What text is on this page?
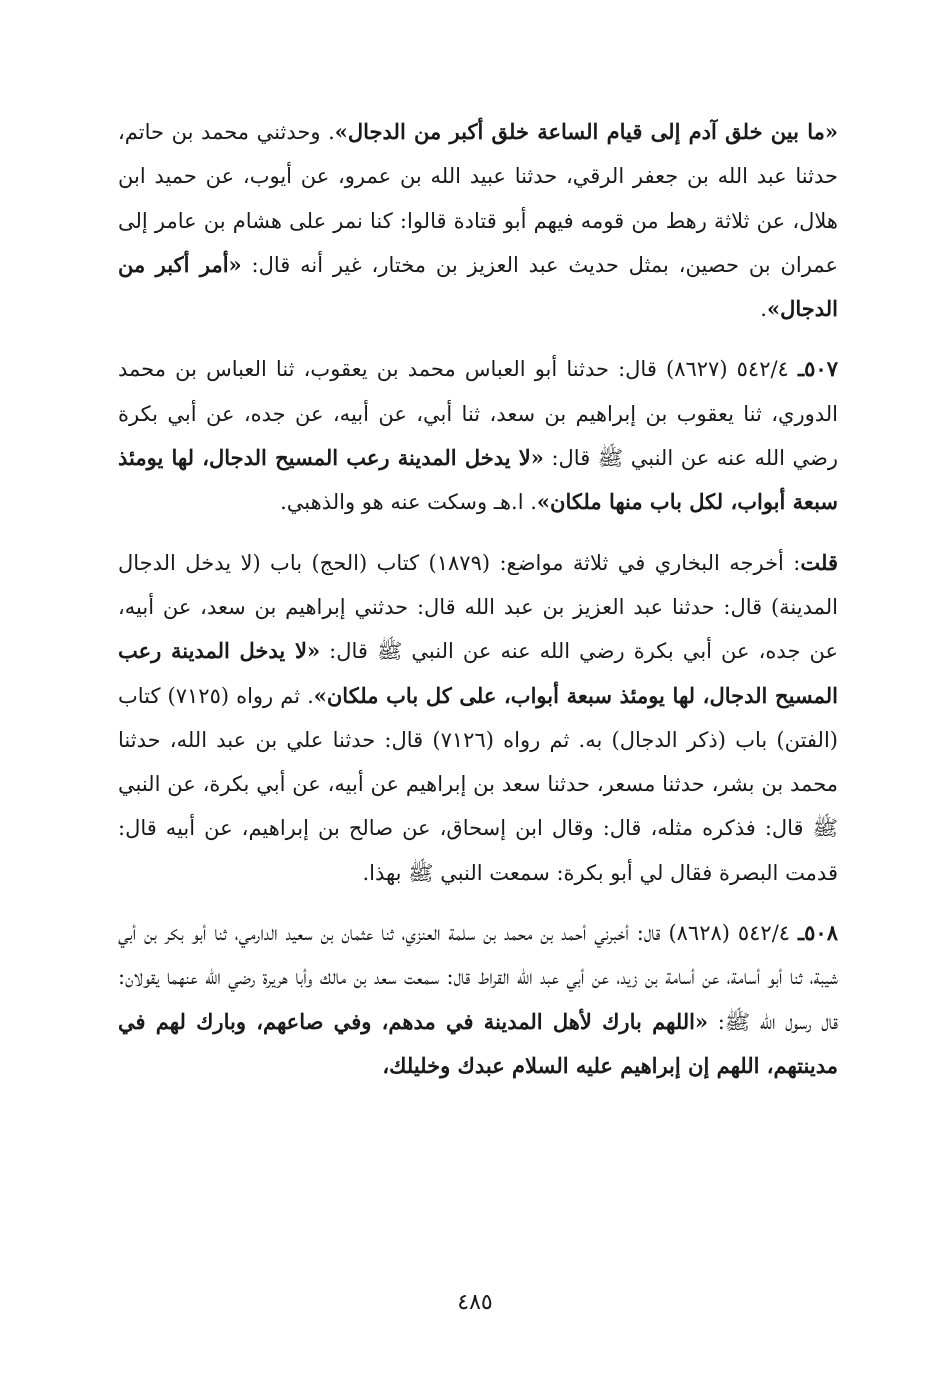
«ما بين خلق آدم إلى قيام الساعة خلق أكبر من الدجال». وحدثني محمد بن حاتم، حدثنا عبد الله بن جعفر الرقي، حدثنا عبيد الله بن عمرو، عن أيوب، عن حميد ابن هلال، عن ثلاثة رهط من قومه فيهم أبو قتادة قالوا: كنا نمر على هشام بن عامر إلى عمران بن حصين، بمثل حديث عبد العزيز بن مختار، غير أنه قال: «أمر أكبر من الدجال».

٥٠٧ـ ٥٤٢/٤ (٨٦٢٧) قال: حدثنا أبو العباس محمد بن يعقوب، ثنا العباس بن محمد الدوري، ثنا يعقوب بن إبراهيم بن سعد، ثنا أبي، عن أبيه، عن جده، عن أبي بكرة رضي الله عنه عن النبي ﷺ قال: «لا يدخل المدينة رعب المسيح الدجال، لها يومئذ سبعة أبواب، لكل باب منها ملكان». ا.هـ وسكت عنه هو والذهبي.

قلت: أخرجه البخاري في ثلاثة مواضع: (١٨٧٩) كتاب (الحج) باب (لا يدخل الدجال المدينة) قال: حدثنا عبد العزيز بن عبد الله قال: حدثني إبراهيم بن سعد، عن أبيه، عن جده، عن أبي بكرة رضي الله عنه عن النبي ﷺ قال: «لا يدخل المدينة رعب المسيح الدجال، لها يومئذ سبعة أبواب، على كل باب ملكان». ثم رواه (٧١٢٥) كتاب (الفتن) باب (ذكر الدجال) به. ثم رواه (٧١٢٦) قال: حدثنا علي بن عبد الله، حدثنا محمد بن بشر، حدثنا مسعر، حدثنا سعد بن إبراهيم عن أبيه، عن أبي بكرة، عن النبي ﷺ قال: فذكره مثله، قال: وقال ابن إسحاق، عن صالح بن إبراهيم، عن أبيه قال: قدمت البصرة فقال لي أبو بكرة: سمعت النبي ﷺ بهذا.

٥٠٨ـ ٥٤٢/٤ (٨٦٢٨) قال: أخبرني أحمد بن محمد بن سلمة العنزي، ثنا عثمان بن سعيد الدارمي، ثنا أبو بكر بن أبي شيبة، ثنا أبو أسامة، عن أسامة بن زيد، عن أبي عبد الله القراط قال: سمعت سعد بن مالك وأبا هريرة رضي الله عنهما يقولان: قال رسول الله ﷺ: «اللهم بارك لأهل المدينة في مدهم، وفي صاعهم، وبارك لهم في مدينتهم، اللهم إن إبراهيم عليه السلام عبدك وخليلك،

٤٨٥
